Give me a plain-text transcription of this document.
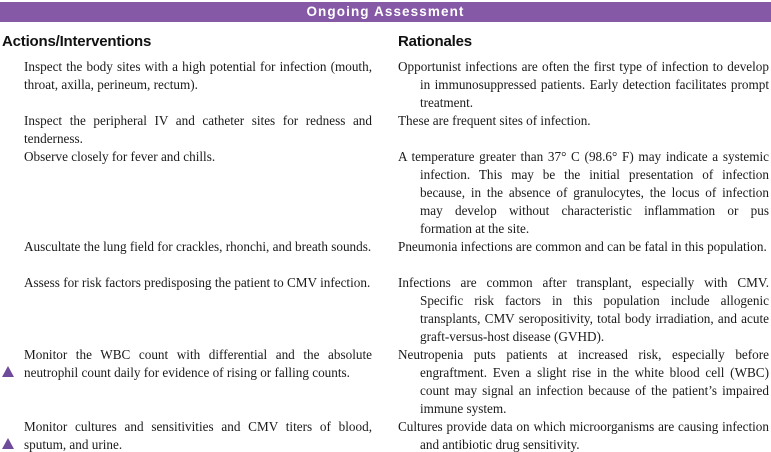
Ongoing Assessment
Actions/Interventions	Rationales
Inspect the body sites with a high potential for infection (mouth, throat, axilla, perineum, rectum).
Opportunist infections are often the first type of infection to develop in immunosuppressed patients. Early detection facilitates prompt treatment.
Inspect the peripheral IV and catheter sites for redness and tenderness.
These are frequent sites of infection.
Observe closely for fever and chills.	A temperature greater than 37° C (98.6° F) may indicate a systemic infection. This may be the initial presentation of infection because, in the absence of granulocytes, the locus of infection may develop without characteristic inflammation or pus formation at the site.
Auscultate the lung field for crackles, rhonchi, and breath sounds. Pneumonia infections are common and can be fatal in this population.
Assess for risk factors predisposing the patient to CMV infection. Infections are common after transplant, especially with CMV. Specific risk factors in this population include allogenic transplants, CMV seropositivity, total body irradiation, and acute graft-versus-host disease (GVHD).
Monitor the WBC count with differential and the absolute neutrophil count daily for evidence of rising or falling counts.
Neutropenia puts patients at increased risk, especially before engraftment. Even a slight rise in the white blood cell (WBC) count may signal an infection because of the patient’s impaired immune system.
Monitor cultures and sensitivities and CMV titers of blood, sputum, and urine.
Cultures provide data on which microorganisms are causing infection and antibiotic drug sensitivity.
